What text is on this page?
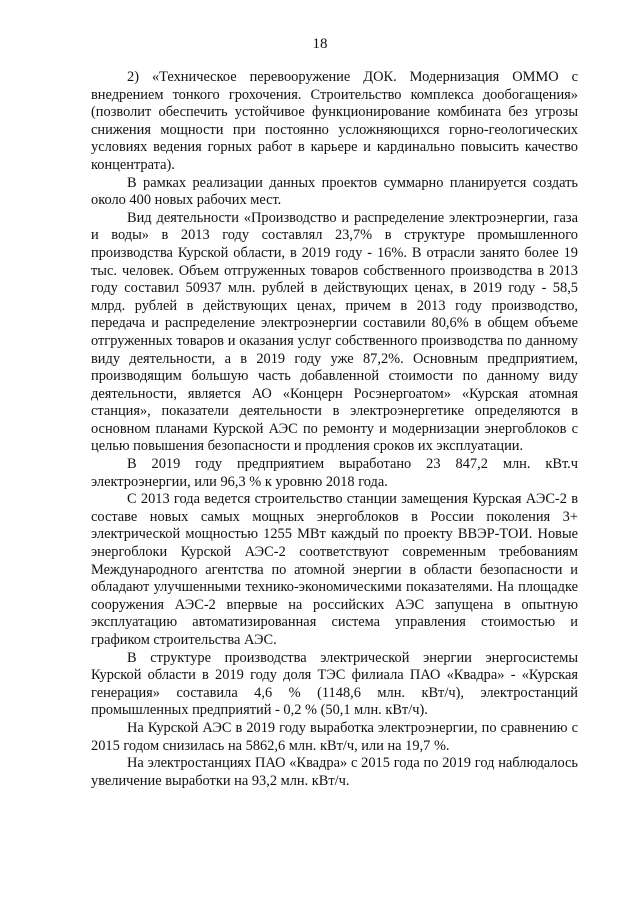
18

2) «Техническое перевооружение ДОК. Модернизация ОММО с внедрением тонкого грохочения. Строительство комплекса дообогащения» (позволит обеспечить устойчивое функционирование комбината без угрозы снижения мощности при постоянно усложняющихся горно-геологических условиях ведения горных работ в карьере и кардинально повысить качество концентрата).

В рамках реализации данных проектов суммарно планируется создать около 400 новых рабочих мест.

Вид деятельности «Производство и распределение электроэнергии, газа и воды» в 2013 году составлял 23,7% в структуре промышленного производства Курской области, в 2019 году - 16%. В отрасли занято более 19 тыс. человек. Объем отгруженных товаров собственного производства в 2013 году составил 50937 млн. рублей в действующих ценах, в 2019 году - 58,5 млрд. рублей в действующих ценах, причем в 2013 году производство, передача и распределение электроэнергии составили 80,6% в общем объеме отгруженных товаров и оказания услуг собственного производства по данному виду деятельности, а в 2019 году уже 87,2%. Основным предприятием, производящим большую часть добавленной стоимости по данному виду деятельности, является АО «Концерн Росэнергоатом» «Курская атомная станция», показатели деятельности в электроэнергетике определяются в основном планами Курской АЭС по ремонту и модернизации энергоблоков с целью повышения безопасности и продления сроков их эксплуатации.

В 2019 году предприятием выработано 23 847,2 млн. кВт.ч электроэнергии, или 96,3 % к уровню 2018 года.

С 2013 года ведется строительство станции замещения Курская АЭС-2 в составе новых самых мощных энергоблоков в России поколения 3+ электрической мощностью 1255 МВт каждый по проекту ВВЭР-ТОИ. Новые энергоблоки Курской АЭС-2 соответствуют современным требованиям Международного агентства по атомной энергии в области безопасности и обладают улучшенными технико-экономическими показателями. На площадке сооружения АЭС-2 впервые на российских АЭС запущена в опытную эксплуатацию автоматизированная система управления стоимостью и графиком строительства АЭС.

В структуре производства электрической энергии энергосистемы Курской области в 2019 году доля ТЭС филиала ПАО «Квадра» - «Курская генерация» составила 4,6 % (1148,6 млн. кВт/ч), электростанций промышленных предприятий - 0,2 % (50,1 млн. кВт/ч).

На Курской АЭС в 2019 году выработка электроэнергии, по сравнению с 2015 годом снизилась на 5862,6 млн. кВт/ч, или на 19,7 %.

На электростанциях ПАО «Квадра» с 2015 года по 2019 год наблюдалось увеличение выработки на 93,2 млн. кВт/ч.
